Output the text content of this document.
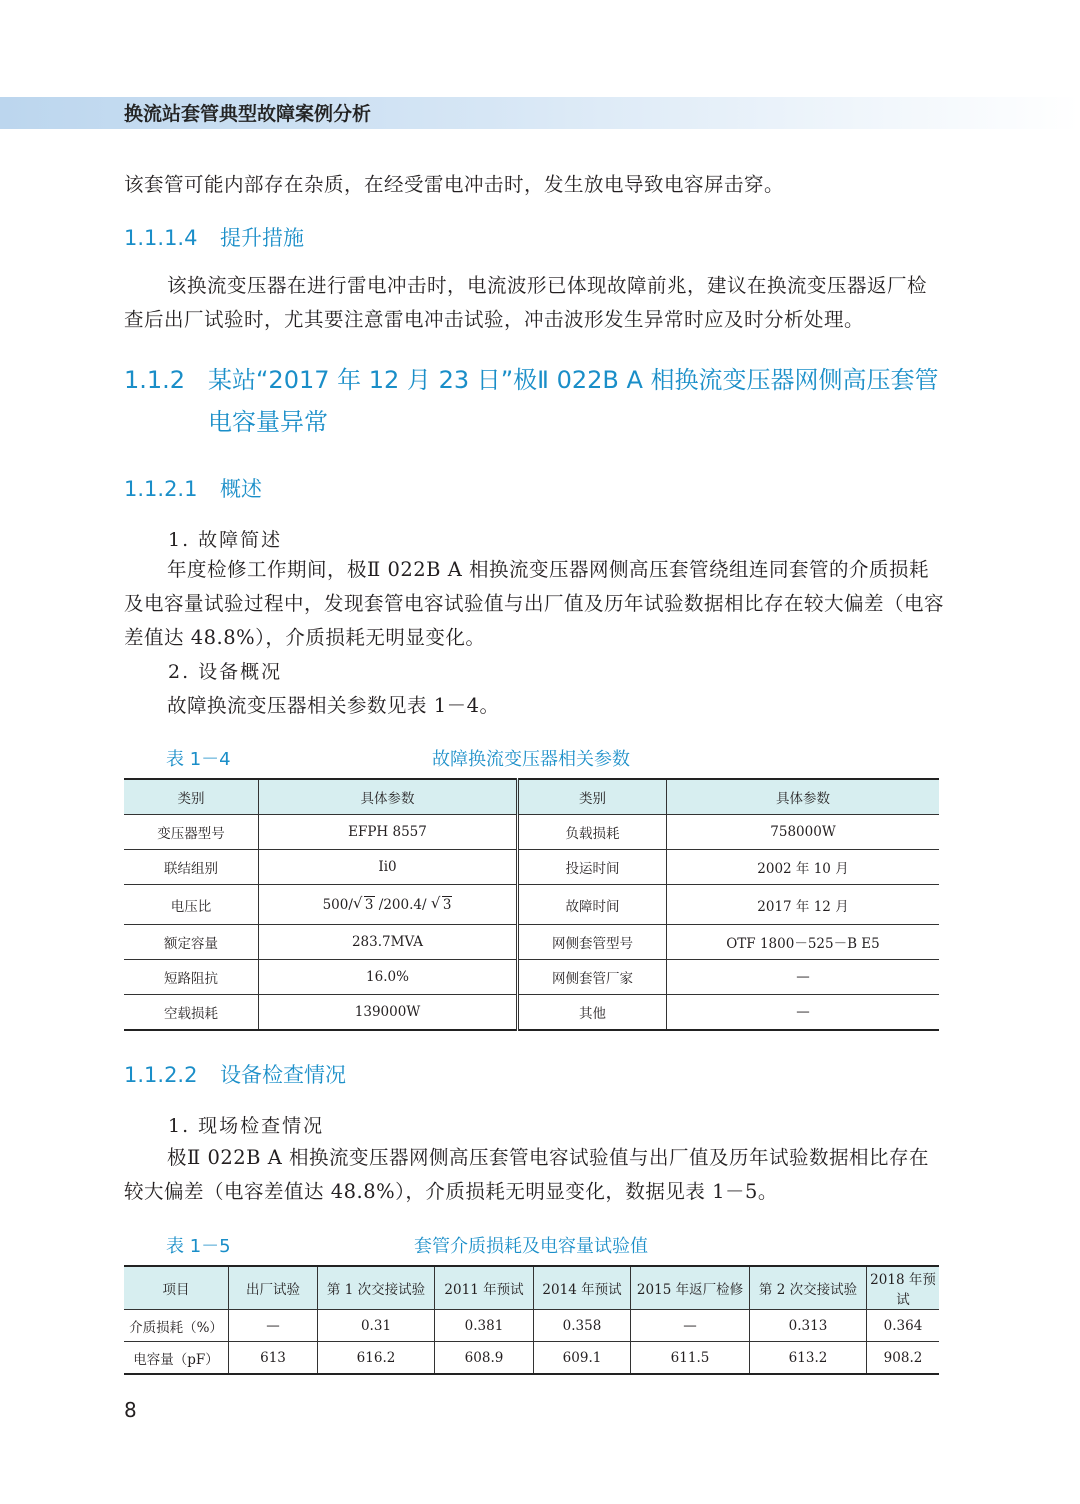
换流站套管典型故障案例分析
该套管可能内部存在杂质，在经受雷电冲击时，发生放电导致电容屏击穿。
1.1.1.4 提升措施
该换流变压器在进行雷电冲击时，电流波形已体现故障前兆，建议在换流变压器返厂检查后出厂试验时，尤其要注意雷电冲击试验，冲击波形发生异常时应及时分析处理。
1.1.2 某站“2017 年 12 月 23 日”极Ⅱ 022B A 相换流变压器网侧高压套管电容量异常
1.1.2.1 概述
1. 故障简述
年度检修工作期间，极Ⅱ 022B A 相换流变压器网侧高压套管绕组连同套管的介质损耗及电容量试验过程中，发现套管电容试验值与出厂值及历年试验数据相比存在较大偏差（电容差值达 48.8%），介质损耗无明显变化。
2. 设备概况
故障换流变压器相关参数见表 1－4。
表 1－4	故障换流变压器相关参数
类别	具体参数	类别	具体参数
变压器型号	EFPH 8557	负载损耗	758000W
联结组别	Ii0	投运时间	2002 年 10 月
电压比	500/ √ 3 /200.4/ √ 3	故障时间	2017 年 12 月
额定容量	283.7MVA	网侧套管型号	OTF 1800－525－B E5
短路阻抗	16.0%	网侧套管厂家	—
空载损耗	139000W	其他	—
1.1.2.2 设备检查情况
1. 现场检查情况
极Ⅱ 022B A 相换流变压器网侧高压套管电容试验值与出厂值及历年试验数据相比存在较大偏差（电容差值达 48.8%），介质损耗无明显变化，数据见表 1－5。
表 1－5	套管介质损耗及电容量试验值
项目	出厂试验	第 1 次交接试验	2011 年预试	2014 年预试	2015 年返厂检修	第 2 次交接试验	2018 年预试
介质损耗（%）	—	0.31	0.381	0.358	—	0.313	0.364
电容量（pF）	613	616.2	608.9	609.1	611.5	613.2	908.2
8
